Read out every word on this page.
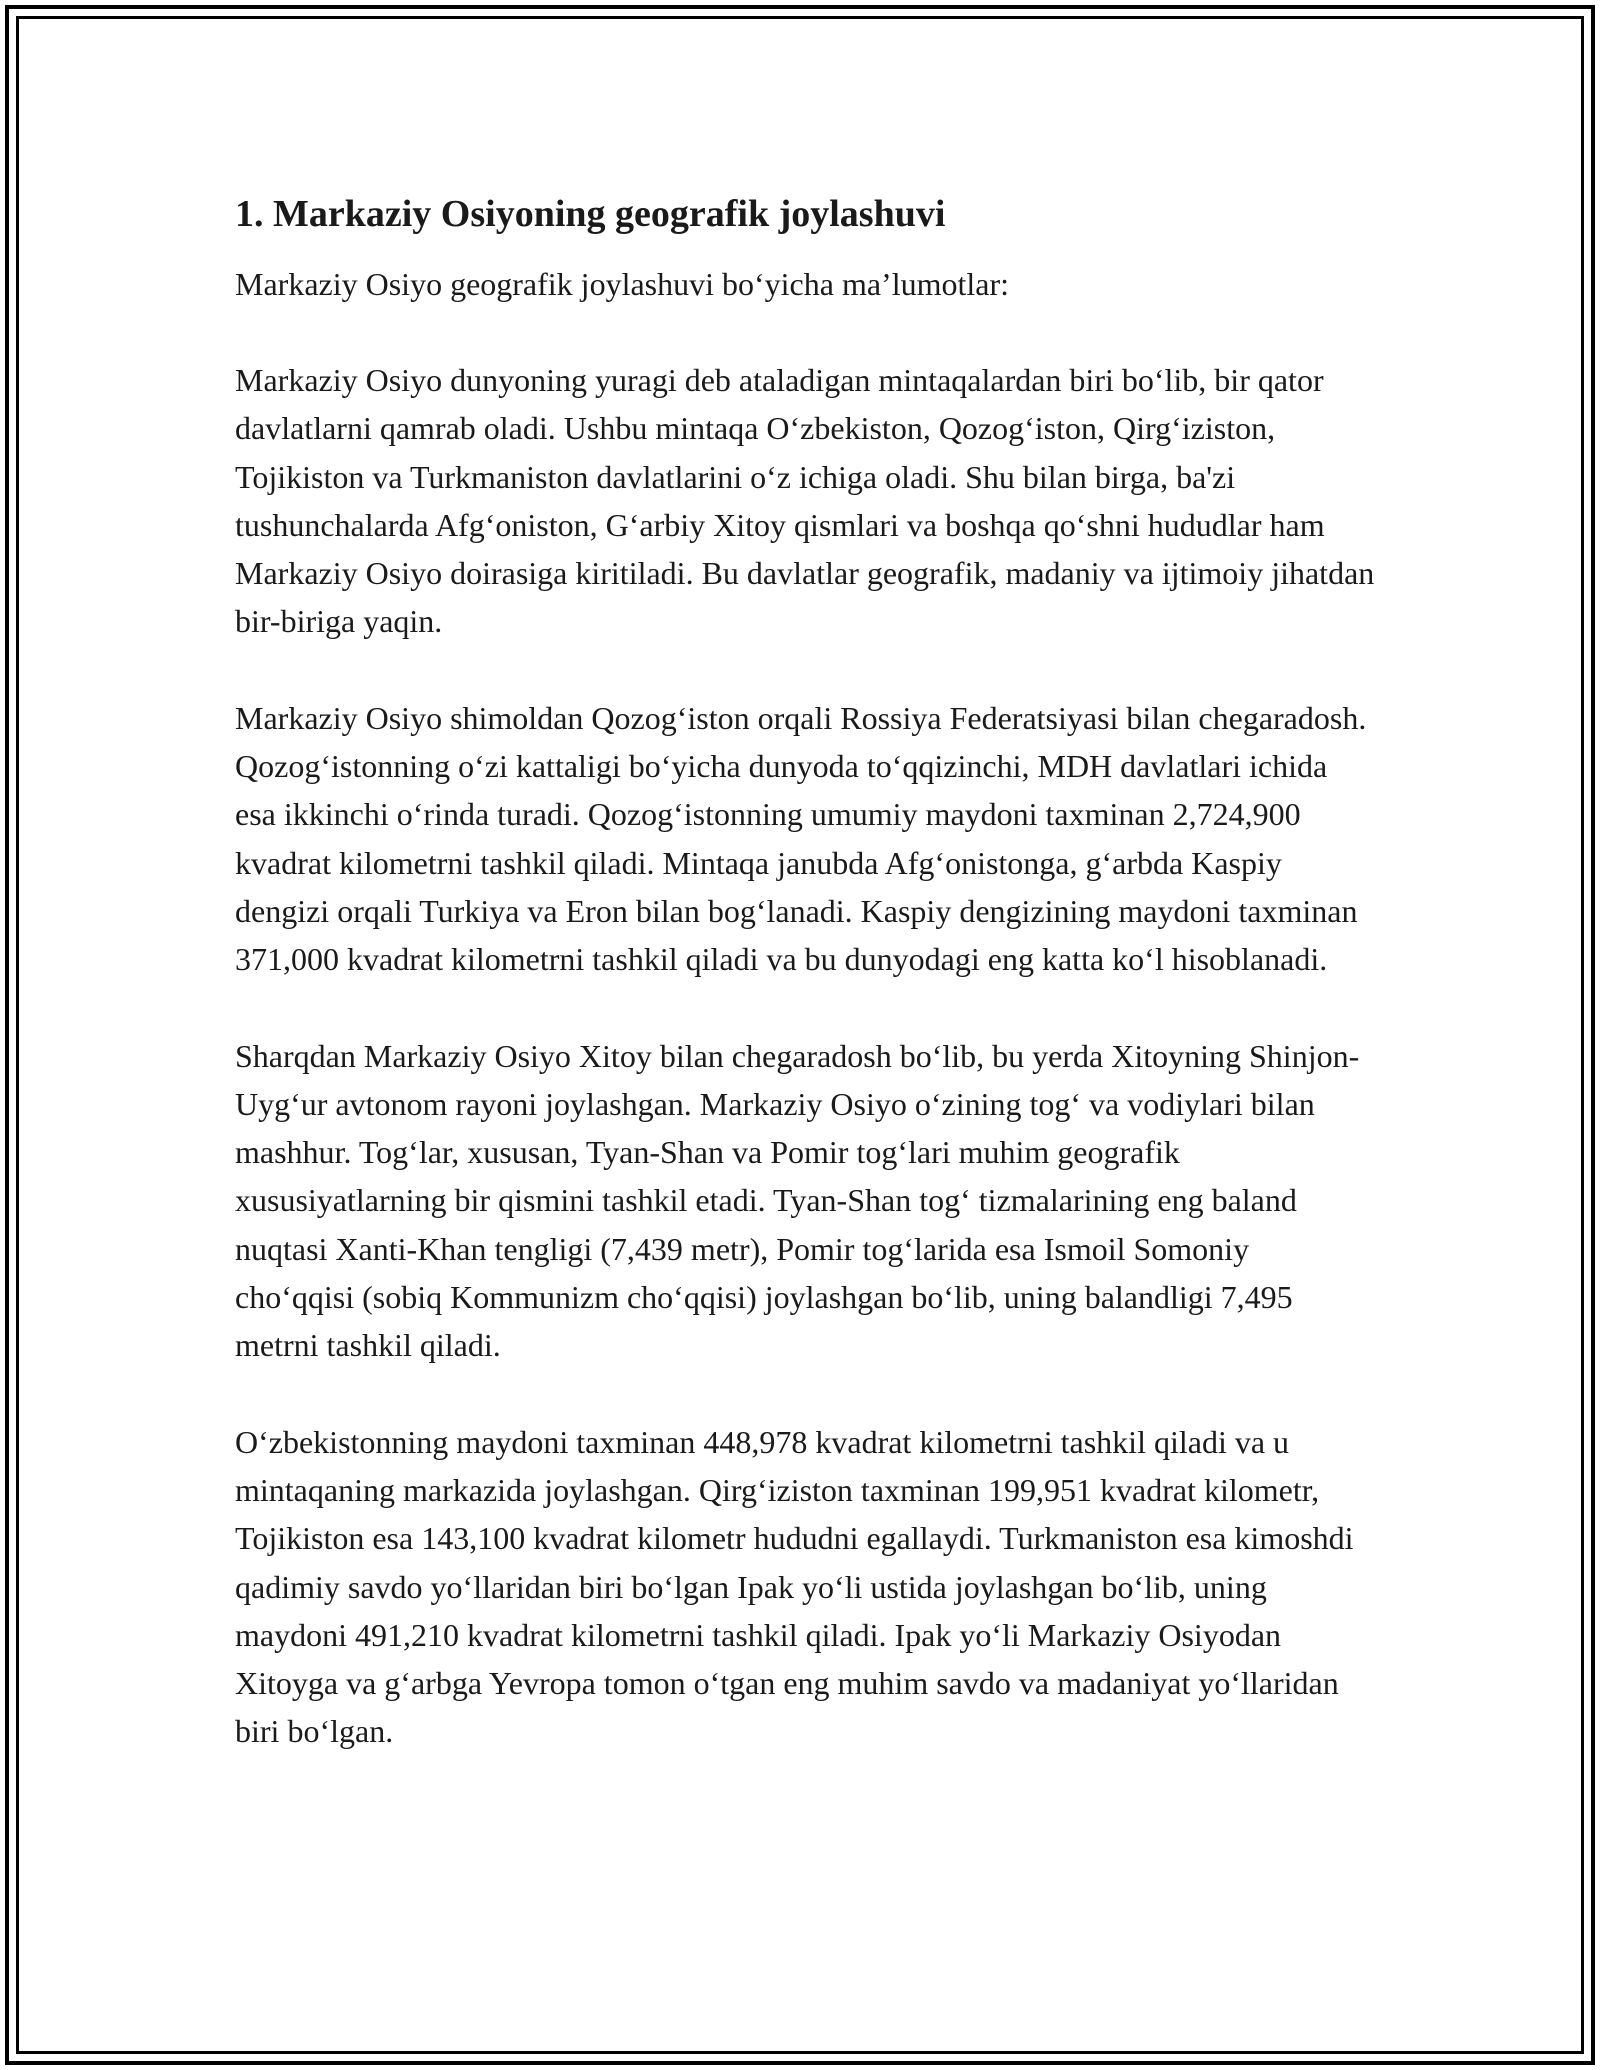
1. Markaziy Osiyoning geografik joylashuvi

Markaziy Osiyo geografik joylashuvi bo‘yicha ma’lumotlar:

Markaziy Osiyo dunyoning yuragi deb ataladigan mintaqalardan biri bo‘lib, bir qator davlatlarni qamrab oladi. Ushbu mintaqa O‘zbekiston, Qozog‘iston, Qirg‘iziston, Tojikiston va Turkmaniston davlatlarini o‘z ichiga oladi. Shu bilan birga, ba'zi tushunchalarda Afg‘oniston, G‘arbiy Xitoy qismlari va boshqa qo‘shni hududlar ham Markaziy Osiyo doirasiga kiritiladi. Bu davlatlar geografik, madaniy va ijtimoiy jihatdan bir-biriga yaqin.

Markaziy Osiyo shimoldan Qozog‘iston orqali Rossiya Federatsiyasi bilan chegaradosh. Qozog‘istonning o‘zi kattaligi bo‘yicha dunyoda to‘qqizinchi, MDH davlatlari ichida esa ikkinchi o‘rinda turadi. Qozog‘istonning umumiy maydoni taxminan 2,724,900 kvadrat kilometrni tashkil qiladi. Mintaqa janubda Afg‘onistonga, g‘arbda Kaspiy dengizi orqali Turkiya va Eron bilan bog‘lanadi. Kaspiy dengizining maydoni taxminan 371,000 kvadrat kilometrni tashkil qiladi va bu dunyodagi eng katta ko‘l hisoblanadi.

Sharqdan Markaziy Osiyo Xitoy bilan chegaradosh bo‘lib, bu yerda Xitoyning Shinjon-Uyg‘ur avtonom rayoni joylashgan. Markaziy Osiyo o‘zining tog‘ va vodiylari bilan mashhur. Tog‘lar, xususan, Tyan-Shan va Pomir tog‘lari muhim geografik xususiyatlarning bir qismini tashkil etadi. Tyan-Shan tog‘ tizmalarining eng baland nuqtasi Xanti-Khan tengligi (7,439 metr), Pomir tog‘larida esa Ismoil Somoniy cho‘qqisi (sobiq Kommunizm cho‘qqisi) joylashgan bo‘lib, uning balandligi 7,495 metrni tashkil qiladi.

O‘zbekistonning maydoni taxminan 448,978 kvadrat kilometrni tashkil qiladi va u mintaqaning markazida joylashgan. Qirg‘iziston taxminan 199,951 kvadrat kilometr, Tojikiston esa 143,100 kvadrat kilometr hududni egallaydi. Turkmaniston esa kimoshdi qadimiy savdo yo‘llaridan biri bo‘lgan Ipak yo‘li ustida joylashgan bo‘lib, uning maydoni 491,210 kvadrat kilometrni tashkil qiladi. Ipak yo‘li Markaziy Osiyodan Xitoyga va g‘arbga Yevropa tomon o‘tgan eng muhim savdo va madaniyat yo‘llaridan biri bo‘lgan.
